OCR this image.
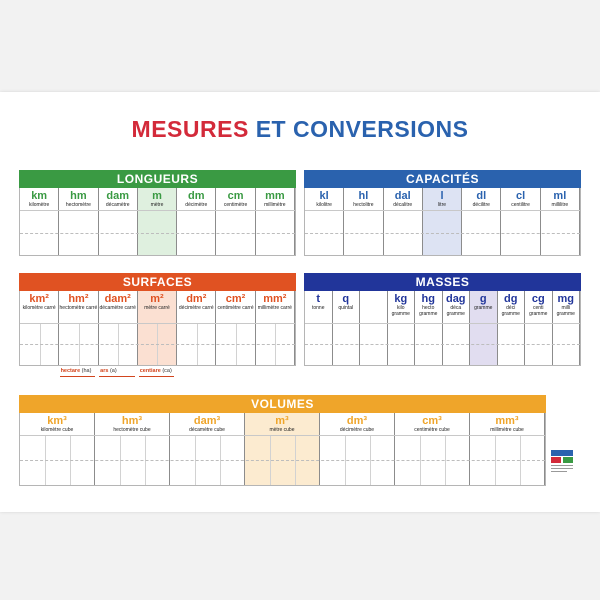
MESURES ET CONVERSIONS
LONGUEURS
km
kilomètre
hm
hectomètre
dam
décamètre
m
mètre
dm
décimètre
cm
centimètre
mm
millimètre
CAPACITÉS
kl
kilolitre
hl
hectolitre
dal
décalitre
l
litre
dl
décilitre
cl
centilitre
ml
millilitre
SURFACES
km²
kilomètre carré
hm²
hectomètre carré
dam²
décamètre carré
m²
mètre carré
dm²
décimètre carré
cm²
centimètre carré
mm²
millimètre carré
hectare (ha) ars (a)	centiare (ca)
MASSES
t
tonne
q
quintal
kg
kilo gramme
hg
hecto gramme
dag
déca gramme
g
gramme
dg
déci gramme
cg
centi gramme
mg
milli gramme
VOLUMES
km³
kilomètre cube
hm³
hectomètre cube
dam³
décamètre cube
m³
mètre cube
dm³
décimètre cube
cm³
centimètre cube
mm³
millimètre cube
